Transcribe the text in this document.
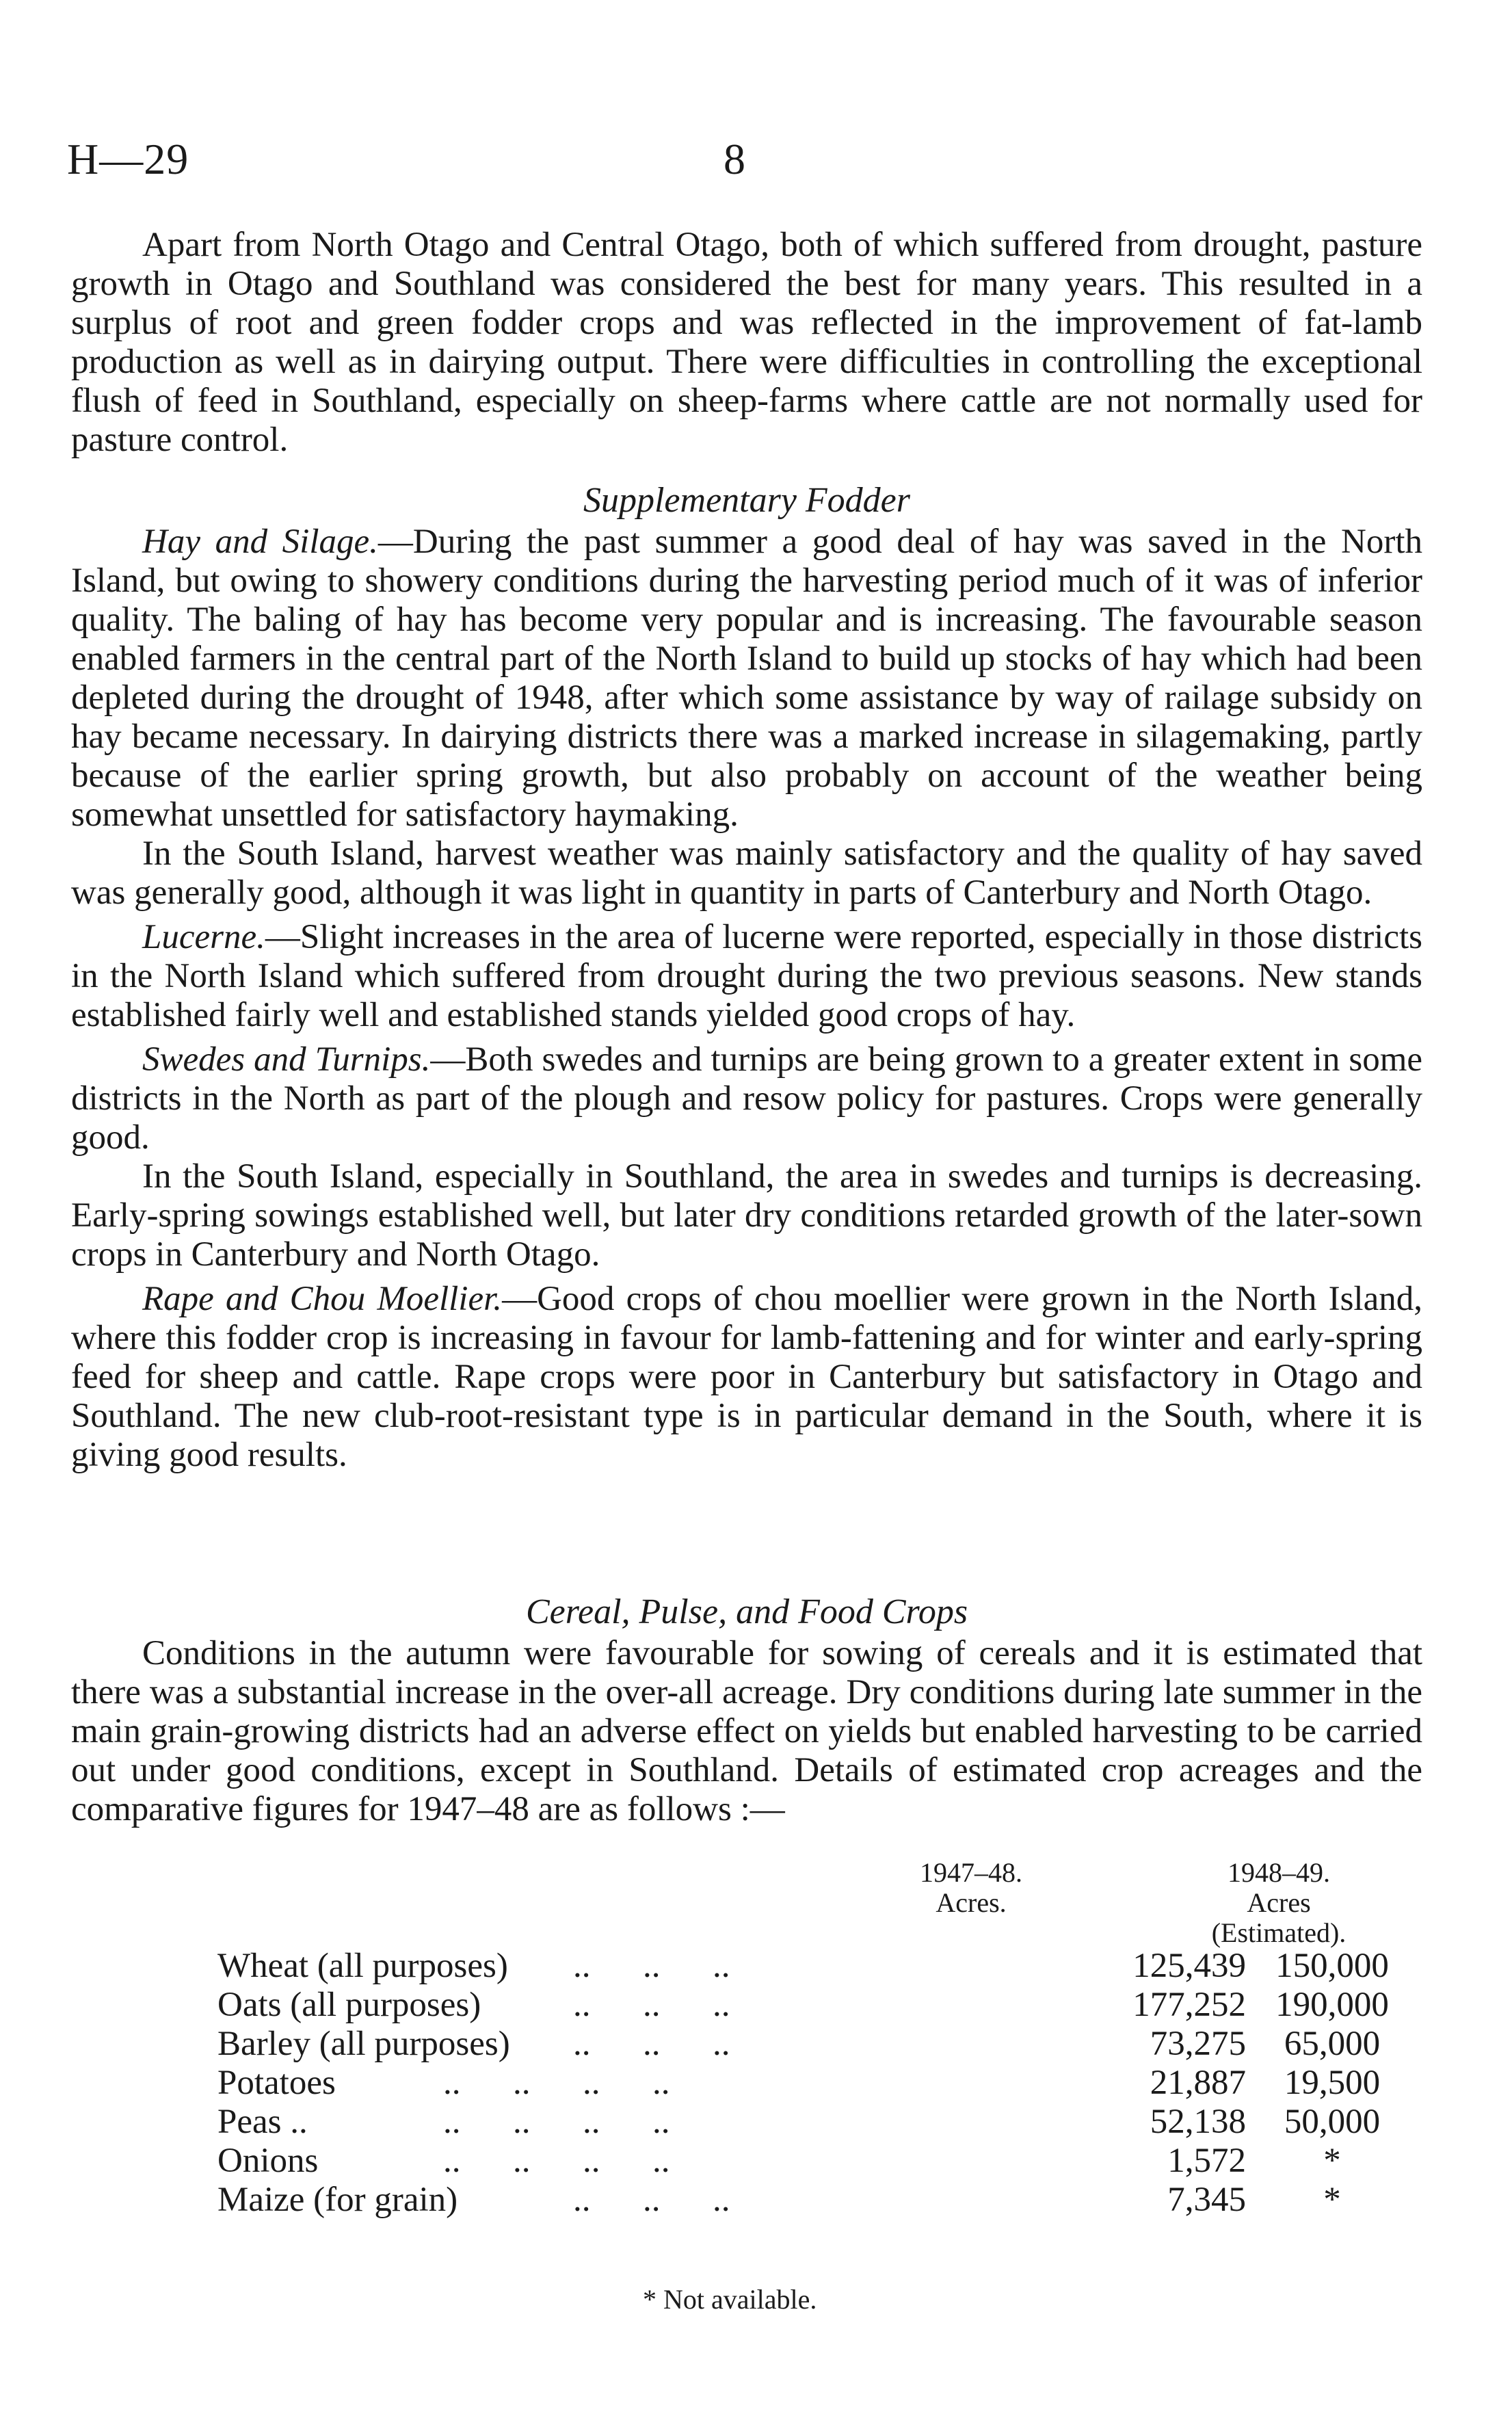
H—29	8

Apart from North Otago and Central Otago, both of which suffered from drought, pasture growth in Otago and Southland was considered the best for many years. This resulted in a surplus of root and green fodder crops and was reflected in the improvement of fat-lamb production as well as in dairying output. There were difficulties in controlling the exceptional flush of feed in Southland, especially on sheep-farms where cattle are not normally used for pasture control.

Supplementary Fodder

Hay and Silage.—During the past summer a good deal of hay was saved in the North Island, but owing to showery conditions during the harvesting period much of it was of inferior quality. The baling of hay has become very popular and is increasing. The favourable season enabled farmers in the central part of the North Island to build up stocks of hay which had been depleted during the drought of 1948, after which some assistance by way of railage subsidy on hay became necessary. In dairying districts there was a marked increase in silagemaking, partly because of the earlier spring growth, but also probably on account of the weather being somewhat unsettled for satisfactory haymaking.

In the South Island, harvest weather was mainly satisfactory and the quality of hay saved was generally good, although it was light in quantity in parts of Canterbury and North Otago.

Lucerne.—Slight increases in the area of lucerne were reported, especially in those districts in the North Island which suffered from drought during the two previous seasons. New stands established fairly well and established stands yielded good crops of hay.

Swedes and Turnips.—Both swedes and turnips are being grown to a greater extent in some districts in the North as part of the plough and resow policy for pastures. Crops were generally good.

In the South Island, especially in Southland, the area in swedes and turnips is decreasing. Early-spring sowings established well, but later dry conditions retarded growth of the later-sown crops in Canterbury and North Otago.

Rape and Chou Moellier.—Good crops of chou moellier were grown in the North Island, where this fodder crop is increasing in favour for lamb-fattening and for winter and early-spring feed for sheep and cattle. Rape crops were poor in Canterbury but satisfactory in Otago and Southland. The new club-root-resistant type is in particular demand in the South, where it is giving good results.

Cereal, Pulse, and Food Crops

Conditions in the autumn were favourable for sowing of cereals and it is estimated that there was a substantial increase in the over-all acreage. Dry conditions during late summer in the main grain-growing districts had an adverse effect on yields but enabled harvesting to be carried out under good conditions, except in Southland. Details of estimated crop acreages and the comparative figures for 1947–48 are as follows :—

1947–48.
Acres.
1948–49.
Acres
(Estimated).
Wheat (all purposes) ..      ..      ..	125,439 150,000
Oats (all purposes)	..      ..      ..	177,252 190,000
Barley (all purposes) ..      ..      ..	73,275	65,000
Potatoes	..      ..      ..      ..	21,887	19,500
Peas ..	..      ..      ..      ..	52,138	50,000
Onions	..      ..      ..      ..	1,572	*
Maize (for grain)	..      ..      ..	7,345	*
* Not available.
